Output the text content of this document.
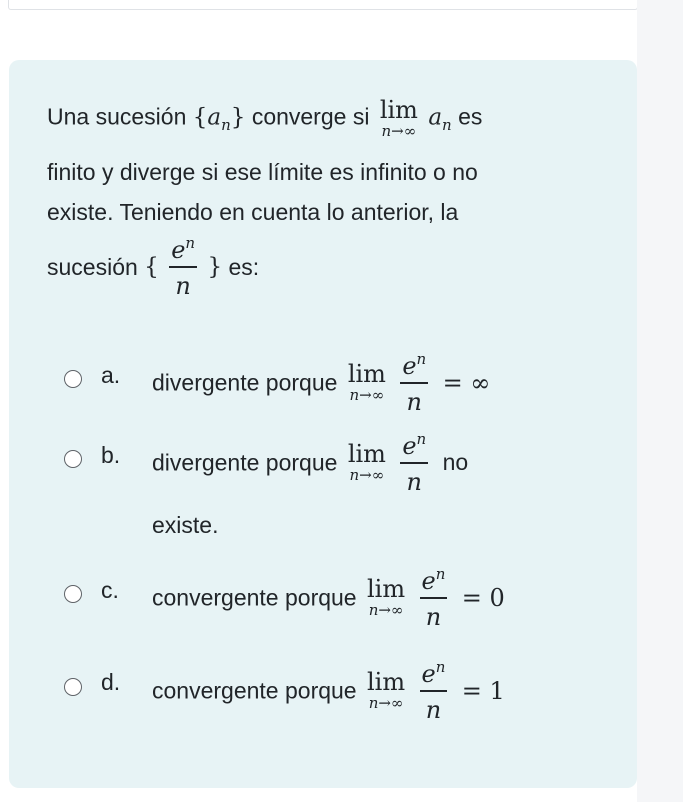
Una sucesión $\{a_n\}$ converge si lim
n→∞
$a_n$ es
finito y diverge si ese límite es infinito o no
existe. Teniendo en cuenta lo anterior, la
sucesión { $\frac{e^n}{n}$ } es:
a. divergente porque lim
n→∞
$\frac{e^n}{n}$ = ∞
b. divergente porque lim
n→∞
$\frac{e^n}{n}$ no
existe.
c. convergente porque lim
n→∞
$\frac{e^n}{n} = 0$
d. convergente porque lim
n→∞
$\frac{e^n}{n} = 1$
